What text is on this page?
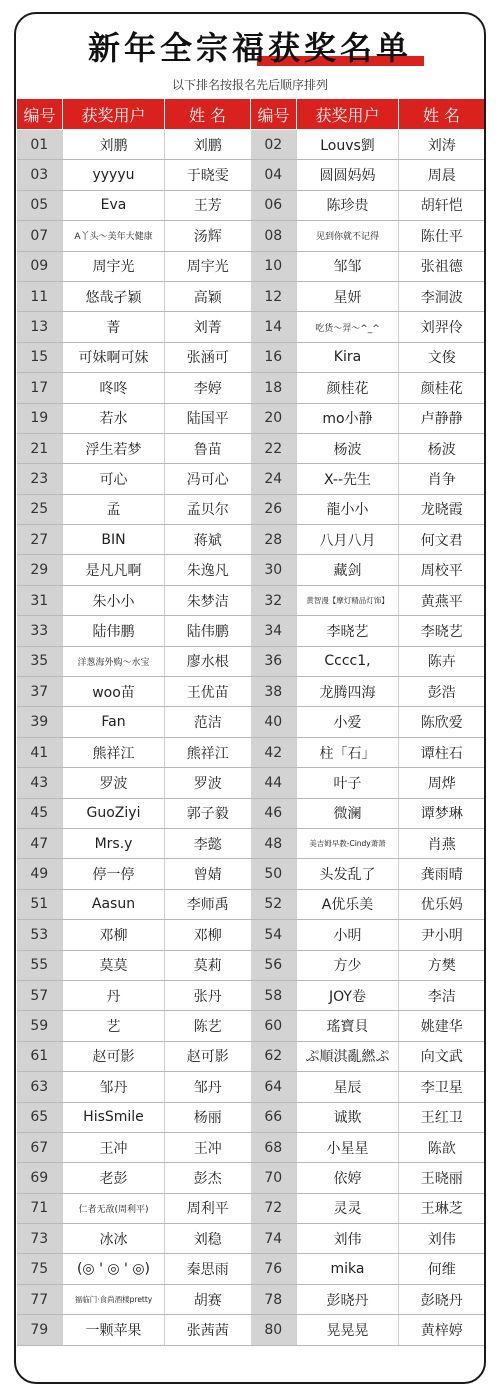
新年全宗福获奖名单
以下排名按报名先后顺序排列
编号	获奖用户	姓 名	编号	获奖用户	姓 名
01	刘鹏	刘鹏	02	Louvs劉	刘涛
03	yyyyu	于晓雯	04	圆圆妈妈	周晨
05	Eva	王芳	06	陈珍贵	胡轩恺
07	A丫头～美年大健康	汤辉	08	见到你就不记得	陈仕平
09	周宇光	周宇光	10	邹邹	张祖德
11	悠哉孑颖	高颖	12	星妍	李洞波
13	菁	刘菁	14	吃货～羿～^_^	刘羿伶
15	可妹啊可妹	张涵可	16	Kira	文俊
17	咚咚	李婷	18	颜桂花	颜桂花
19	若水	陆国平	20	mo小静	卢静静
21	浮生若梦	鲁苗	22	杨波	杨波
23	可心	冯可心	24	X--先生	肖争
25	孟	孟贝尔	26	龍小小	龙晓霞
27	BIN	蒋斌	28	八月八月	何文君
29	是凡凡啊	朱逸凡	30	藏剑	周校平
31	朱小小	朱梦洁	32	黄智漫【摩灯精品灯饰】	黄燕平
33	陆伟鹏	陆伟鹏	34	李晓艺	李晓艺
35	洋葱海外购～水宝	廖水根	36	Cccc1,	陈卉
37	woo苗	王优苗	38	龙腾四海	彭浩
39	Fan	范洁	40	小爱	陈欣爱
41	熊祥江	熊祥江	42	柱「石」	谭柱石
43	罗波	罗波	44	叶子	周烨
45	GuoZiyi	郭子毅	46	微澜	谭梦琳
47	Mrs.y	李懿	48	美吉姆早教-Cindy萧萧	肖燕
49	停一停	曾婧	50	头发乱了	龚雨晴
51	Aasun	李师禹	52	A优乐美	优乐妈
53	邓柳	邓柳	54	小明	尹小明
55	莫莫	莫莉	56	方少	方樊
57	丹	张丹	58	JOY卷	李洁
59	艺	陈艺	60	瑤寶貝	姚建华
61	赵可影	赵可影	62	ぷ順淇亂繎ぷ	向文武
63	邹丹	邹丹	64	星辰	李卫星
65	HisSmile	杨丽	66	诚欺	王红卫
67	王冲	王冲	68	小星星	陈歆
69	老彭	彭杰	70	依婷	王晓丽
71	仁者无敌(周利平)	周利平	72	灵灵	王琳芝
73	冰冰	刘稳	74	刘伟	刘伟
75	(◎ ' ◎ ' ◎)	秦思雨	76	mika	何维
77	福临门·食尚酒楼pretty	胡赛	78	彭晓丹	彭晓丹
79	一颗苹果	张茜茜	80	晃晃晃	黄梓婷
